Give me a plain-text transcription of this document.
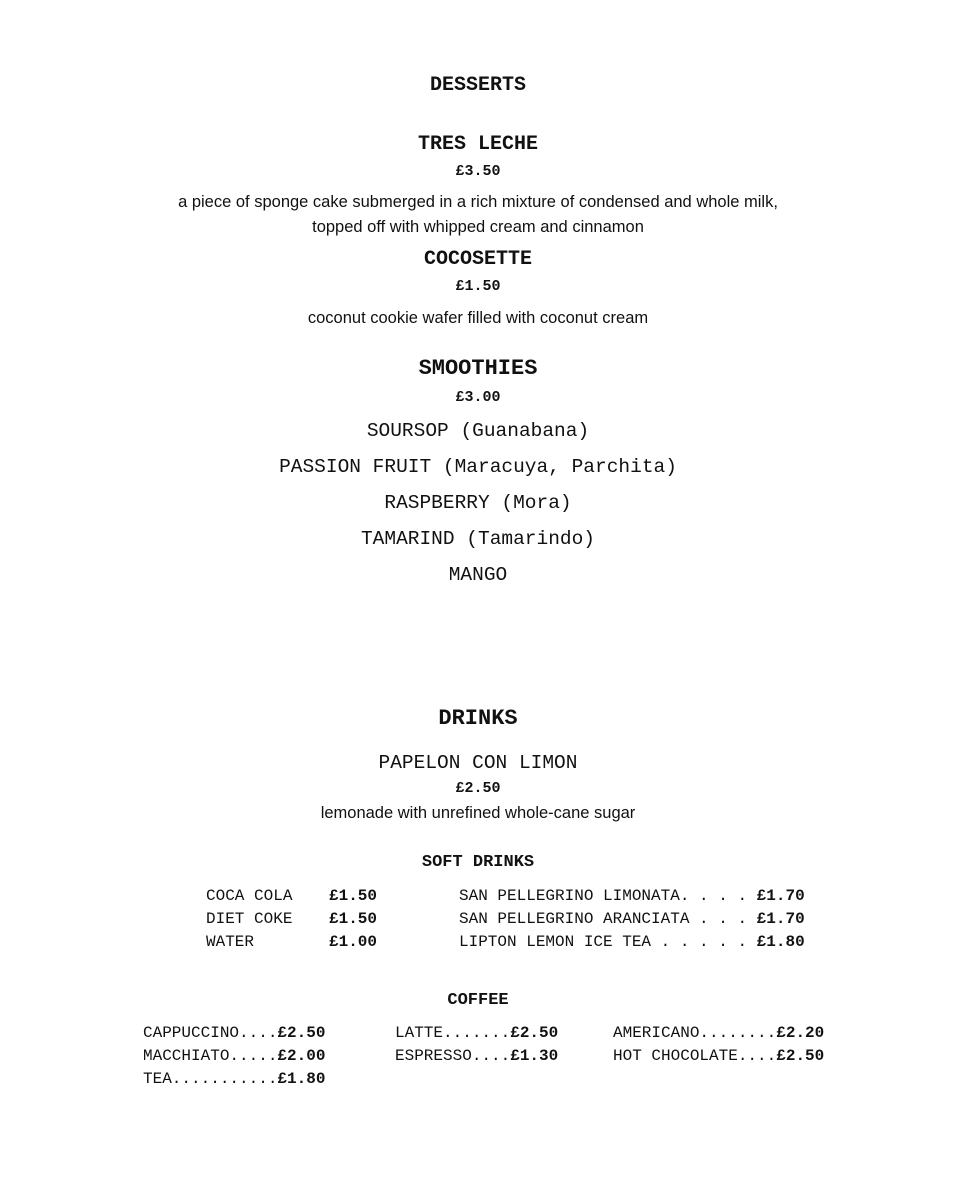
DESSERTS
TRES LECHE
£3.50
a piece of sponge cake submerged in a rich mixture of condensed and whole milk,
topped off with whipped cream and cinnamon
COCOSETTE
£1.50
coconut cookie wafer filled with coconut cream
SMOOTHIES
£3.00
SOURSOP (Guanabana)
PASSION FRUIT (Maracuya, Parchita)
RASPBERRY (Mora)
TAMARIND (Tamarindo)
MANGO
DRINKS
PAPELON CON LIMON
£2.50
lemonade with unrefined whole-cane sugar
SOFT DRINKS
COCA COLA £1.50
DIET COKE £1.50
WATER	£1.00
SAN PELLEGRINO LIMONATA. . . . £1.70
SAN PELLEGRINO ARANCIATA . . . £1.70
LIPTON LEMON ICE TEA . . . . . £1.80
COFFEE
CAPPUCCINO....£2.50
MACCHIATO.....£2.00
TEA...........£1.80
LATTE.......£2.50
ESPRESSO....£1.30
AMERICANO........£2.20
HOT CHOCOLATE....£2.50
